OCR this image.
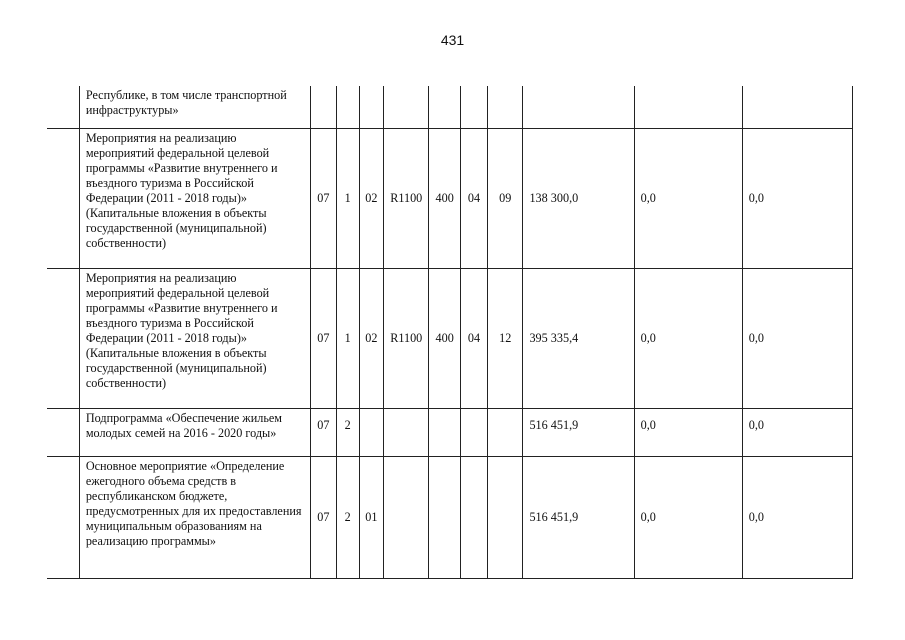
431
	Республике, в том числе транспортной инфраструктуры»										
	Мероприятия на реализацию мероприятий федеральной целевой программы «Развитие внутреннего и въездного туризма в Российской Федерации (2011 - 2018 годы)» (Капитальные вложения в объекты государственной (муниципальной) собственности)	07	1	02	R1100	400	04	09	138 300,0	0,0	0,0
	Мероприятия на реализацию мероприятий федеральной целевой программы «Развитие внутреннего и въездного туризма в Российской Федерации (2011 - 2018 годы)» (Капитальные вложения в объекты государственной (муниципальной) собственности)	07	1	02	R1100	400	04	12	395 335,4	0,0	0,0
	Подпрограмма «Обеспечение жильем молодых семей на 2016 - 2020 годы»	07	2						516 451,9	0,0	0,0
	Основное мероприятие «Определение ежегодного объема средств в республиканском бюджете, предусмотренных для их предоставления муниципальным образованиям на реализацию программы»	07	2	01					516 451,9	0,0	0,0
